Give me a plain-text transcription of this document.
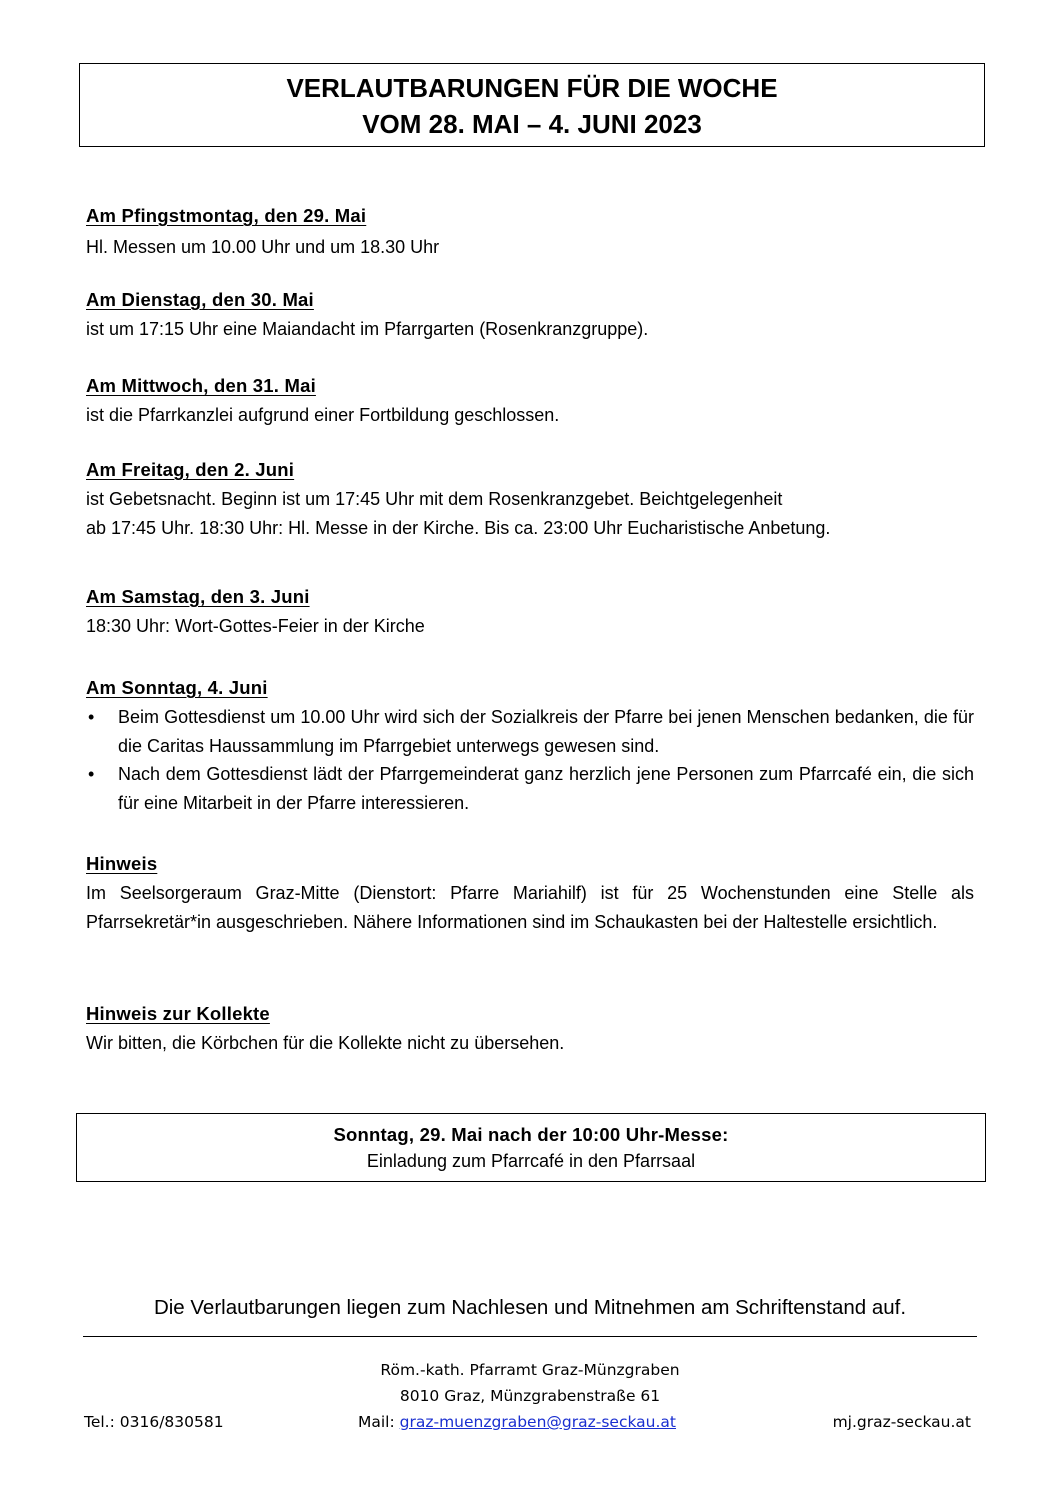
VERLAUTBARUNGEN FÜR DIE WOCHE
VOM 28. MAI – 4. JUNI 2023
Am Pfingstmontag, den 29. Mai
Hl. Messen um 10.00 Uhr und um 18.30 Uhr
Am Dienstag, den 30. Mai
ist um 17:15 Uhr eine Maiandacht im Pfarrgarten (Rosenkranzgruppe).
Am Mittwoch, den 31. Mai
ist die Pfarrkanzlei aufgrund einer Fortbildung geschlossen.
Am Freitag, den 2. Juni
ist Gebetsnacht. Beginn ist um 17:45 Uhr mit dem Rosenkranzgebet. Beichtgelegenheit
ab 17:45 Uhr. 18:30 Uhr: Hl. Messe in der Kirche. Bis ca. 23:00 Uhr Eucharistische Anbetung.
Am Samstag, den 3. Juni
18:30 Uhr: Wort-Gottes-Feier in der Kirche
Am Sonntag, 4. Juni
• Beim Gottesdienst um 10.00 Uhr wird sich der Sozialkreis der Pfarre bei jenen Menschen bedanken, die für die Caritas Haussammlung im Pfarrgebiet unterwegs gewesen sind.
• Nach dem Gottesdienst lädt der Pfarrgemeinderat ganz herzlich jene Personen zum Pfarrcafé ein, die sich für eine Mitarbeit in der Pfarre interessieren.
Hinweis
Im Seelsorgeraum Graz-Mitte (Dienstort: Pfarre Mariahilf) ist für 25 Wochenstunden eine Stelle als Pfarrsekretär*in ausgeschrieben. Nähere Informationen sind im Schaukasten bei der Haltestelle ersichtlich.
Hinweis zur Kollekte
Wir bitten, die Körbchen für die Kollekte nicht zu übersehen.
Sonntag, 29. Mai nach der 10:00 Uhr-Messe:
Einladung zum Pfarrcafé in den Pfarrsaal
Die Verlautbarungen liegen zum Nachlesen und Mitnehmen am Schriftenstand auf.
Röm.-kath. Pfarramt Graz-Münzgraben
8010 Graz, Münzgrabenstraße 61
Tel.: 0316/830581	Mail: graz-muenzgraben@graz-seckau.at	mj.graz-seckau.at
